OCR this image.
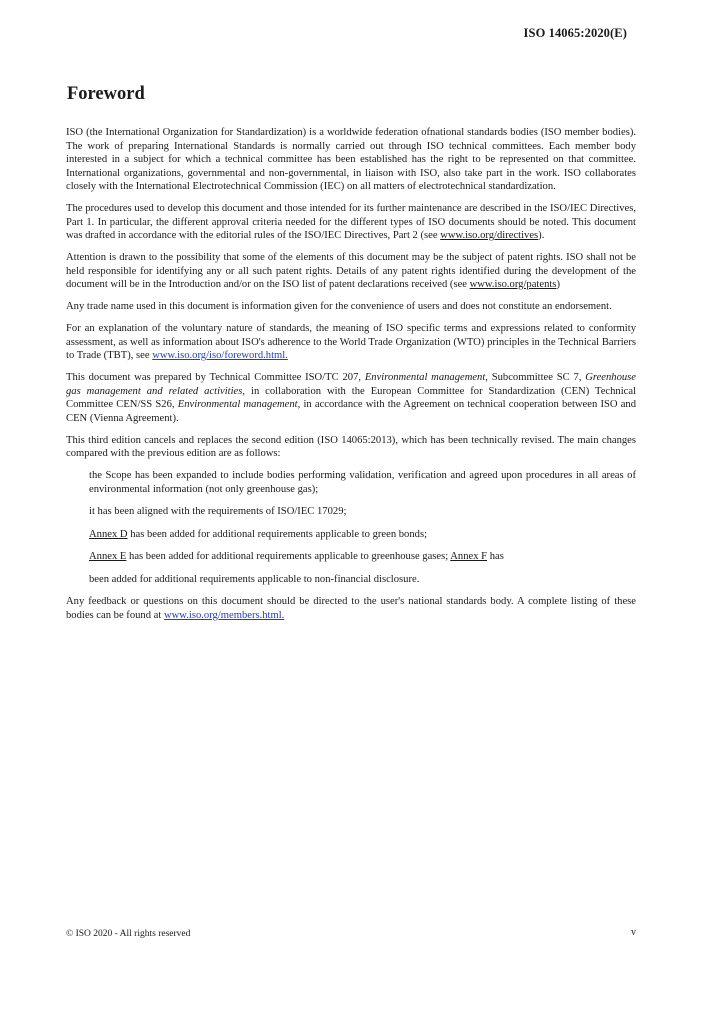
ISO 14065:2020(E)
Foreword

ISO (the International Organization for Standardization) is a worldwide federation ofnational standards bodies (ISO member bodies). The work of preparing International Standards is normally carried out through ISO technical committees. Each member body interested in a subject for which a technical committee has been established has the right to be represented on that committee. International organizations, governmental and non-governmental, in liaison with ISO, also take part in the work. ISO collaborates closely with the International Electrotechnical Commission (IEC) on all matters of electrotechnical standardization.

The procedures used to develop this document and those intended for its further maintenance are described in the ISO/IEC Directives, Part 1. In particular, the different approval criteria needed for the different types of ISO documents should be noted. This document was drafted in accordance with the editorial rules of the ISO/IEC Directives, Part 2 (see www.iso.org/directives).

Attention is drawn to the possibility that some of the elements of this document may be the subject of patent rights. ISO shall not be held responsible for identifying any or all such patent rights. Details of any patent rights identified during the development of the document will be in the Introduction and/or on the ISO list of patent declarations received (see www.iso.org/patents)

Any trade name used in this document is information given for the convenience of users and does not constitute an endorsement.

For an explanation of the voluntary nature of standards, the meaning of ISO specific terms and expressions related to conformity assessment, as well as information about ISO's adherence to the World Trade Organization (WTO) principles in the Technical Barriers to Trade (TBT), see www.iso.org/iso/foreword.html.

This document was prepared by Technical Committee ISO/TC 207, Environmental management, Subcommittee SC 7, Greenhouse gas management and related activities, in collaboration with the European Committee for Standardization (CEN) Technical Committee CEN/SS S26, Environmental management, in accordance with the Agreement on technical cooperation between ISO and CEN (Vienna Agreement).

This third edition cancels and replaces the second edition (ISO 14065:2013), which has been technically revised. The main changes compared with the previous edition are as follows:

the Scope has been expanded to include bodies performing validation, verification and agreed upon procedures in all areas of environmental information (not only greenhouse gas);
it has been aligned with the requirements of ISO/IEC 17029;
Annex D has been added for additional requirements applicable to green bonds;
Annex E has been added for additional requirements applicable to greenhouse gases; Annex F has
been added for additional requirements applicable to non-financial disclosure.

Any feedback or questions on this document should be directed to the user's national standards body. A complete listing of these bodies can be found at www.iso.org/members.html.

© ISO 2020 - All rights reserved	v
